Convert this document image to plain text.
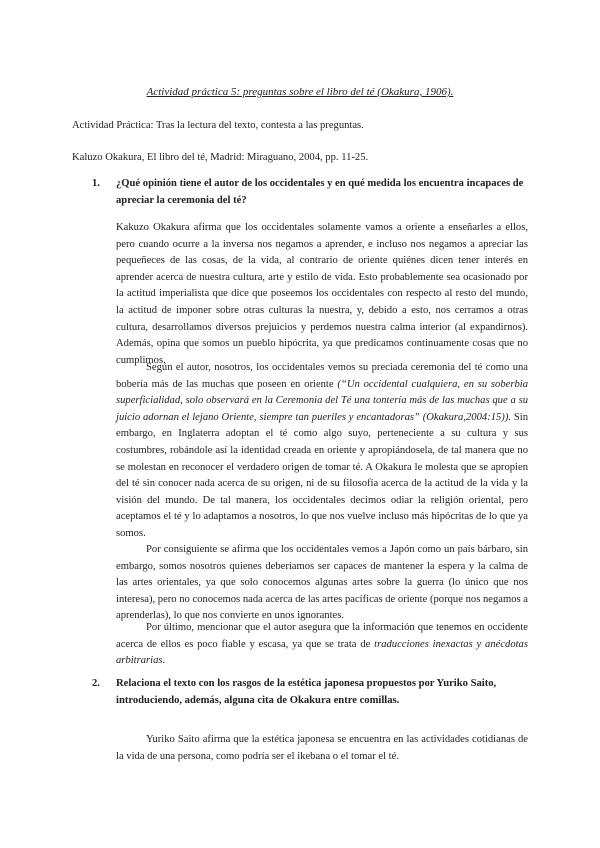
Actividad práctica 5: preguntas sobre el libro del té (Okakura, 1906).
Actividad Práctica: Tras la lectura del texto, contesta a las preguntas.
Kaluzo Okakura, El libro del té, Madrid: Miraguano, 2004, pp. 11-25.
1. ¿Qué opinión tiene el autor de los occidentales y en qué medida los encuentra incapaces de apreciar la ceremonia del té?
Kakuzo Okakura afirma que los occidentales solamente vamos a oriente a enseñarles a ellos, pero cuando ocurre a la inversa nos negamos a aprender, e incluso nos negamos a apreciar las pequeñeces de las cosas, de la vida, al contrario de oriente quiénes dicen tener interés en aprender acerca de nuestra cultura, arte y estilo de vida. Esto probablemente sea ocasionado por la actitud imperialista que dice que poseemos los occidentales con respecto al resto del mundo, la actitud de imponer sobre otras culturas la nuestra, y, debido a esto, nos cerramos a otras cultura, desarrollamos diversos prejuicios y perdemos nuestra calma interior (al expandirnos). Además, opina que somos un pueblo hipócrita, ya que predicamos continuamente cosas que no cumplimos.
Según el autor, nosotros, los occidentales vemos su preciada ceremonia del té como una bobería más de las muchas que poseen en oriente (“Un occidental cualquiera, en su soberbia superficialidad, solo observará en la Ceremonia del Té una tontería más de las muchas que a su juicio adornan el lejano Oriente, siempre tan pueriles y encantadoras” (Okakura,2004:15)). Sin embargo, en Inglaterra adoptan el té como algo suyo, perteneciente a su cultura y sus costumbres, robándole así la identidad creada en oriente y apropiándosela, de tal manera que no se molestan en reconocer el verdadero origen de tomar té. A Okakura le molesta que se apropien del té sin conocer nada acerca de su origen, ni de su filosofía acerca de la actitud de la vida y la visión del mundo. De tal manera, los occidentales decimos odiar la religión oriental, pero aceptamos el té y lo adaptamos a nosotros, lo que nos vuelve incluso más hipócritas de lo que ya somos.
Por consiguiente se afirma que los occidentales vemos a Japón como un país bárbaro, sin embargo, somos nosotros quienes deberíamos ser capaces de mantener la espera y la calma de las artes orientales, ya que solo conocemos algunas artes sobre la guerra (lo único que nos interesa), pero no conocemos nada acerca de las artes pacíficas de oriente (porque nos negamos a aprenderlas), lo que nos convierte en unos ignorantes.
Por último, mencionar que el autor asegura que la información que tenemos en occidente acerca de ellos es poco fiable y escasa, ya que se trata de traducciones inexactas y anécdotas arbitrarias.
2. Relaciona el texto con los rasgos de la estética japonesa propuestos por Yuriko Saito, introduciendo, además, alguna cita de Okakura entre comillas.
Yuriko Saito afirma que la estética japonesa se encuentra en las actividades cotidianas de la vida de una persona, como podría ser el ikebana o el tomar el té.
